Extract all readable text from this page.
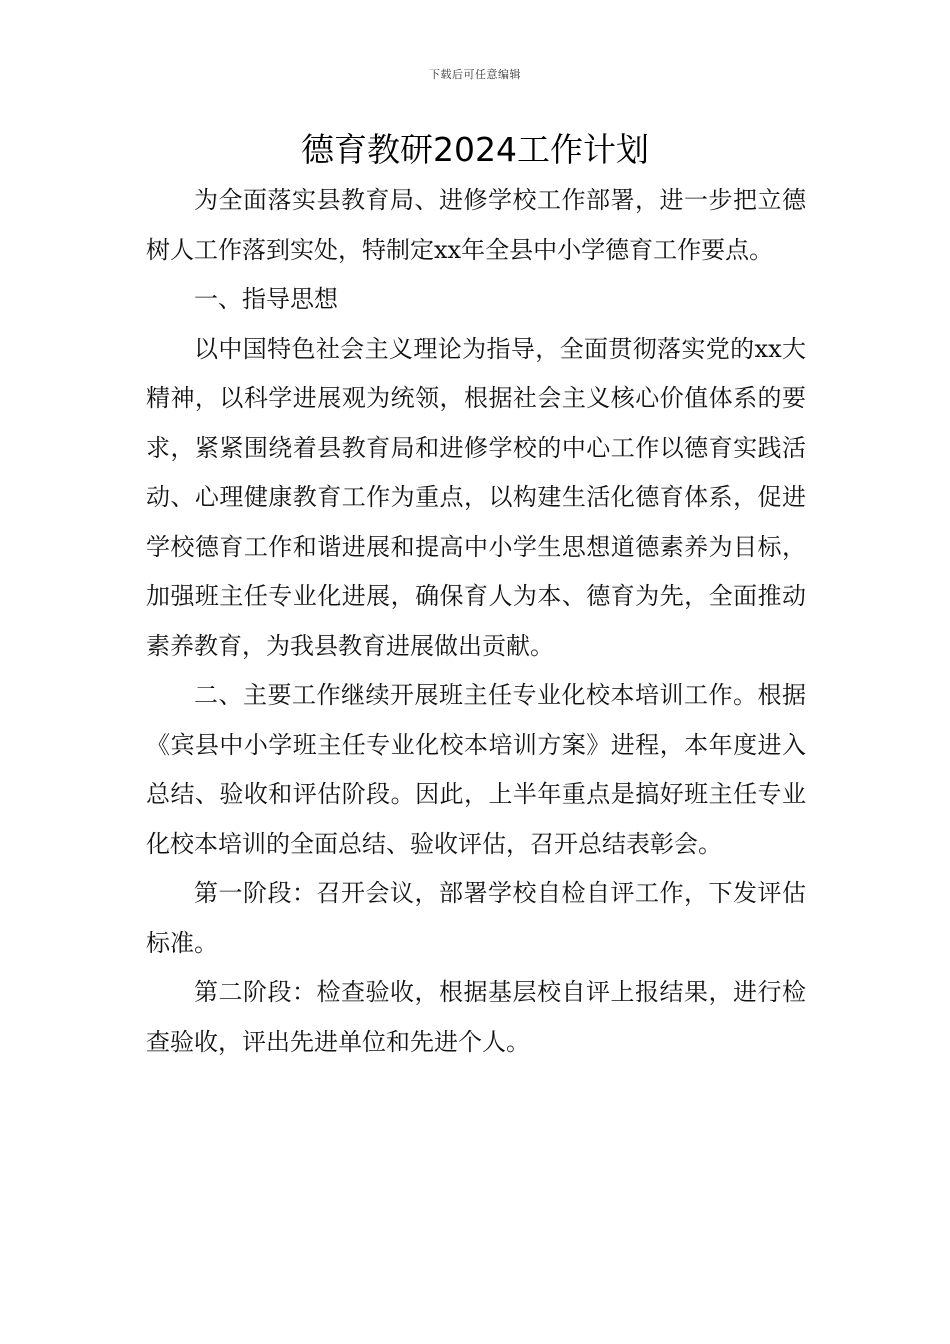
下载后可任意编辑
德育教研2024工作计划

为全面落实县教育局、进修学校工作部署，进一步把立德树人工作落到实处，特制定xx年全县中小学德育工作要点。

一、指导思想

以中国特色社会主义理论为指导，全面贯彻落实党的xx大精神，以科学进展观为统领，根据社会主义核心价值体系的要求，紧紧围绕着县教育局和进修学校的中心工作以德育实践活动、心理健康教育工作为重点，以构建生活化德育体系，促进学校德育工作和谐进展和提高中小学生思想道德素养为目标，加强班主任专业化进展，确保育人为本、德育为先，全面推动素养教育，为我县教育进展做出贡献。

二、主要工作继续开展班主任专业化校本培训工作。根据《宾县中小学班主任专业化校本培训方案》进程，本年度进入总结、验收和评估阶段。因此，上半年重点是搞好班主任专业化校本培训的全面总结、验收评估，召开总结表彰会。

第一阶段：召开会议，部署学校自检自评工作，下发评估标准。

第二阶段：检查验收，根据基层校自评上报结果，进行检查验收，评出先进单位和先进个人。
